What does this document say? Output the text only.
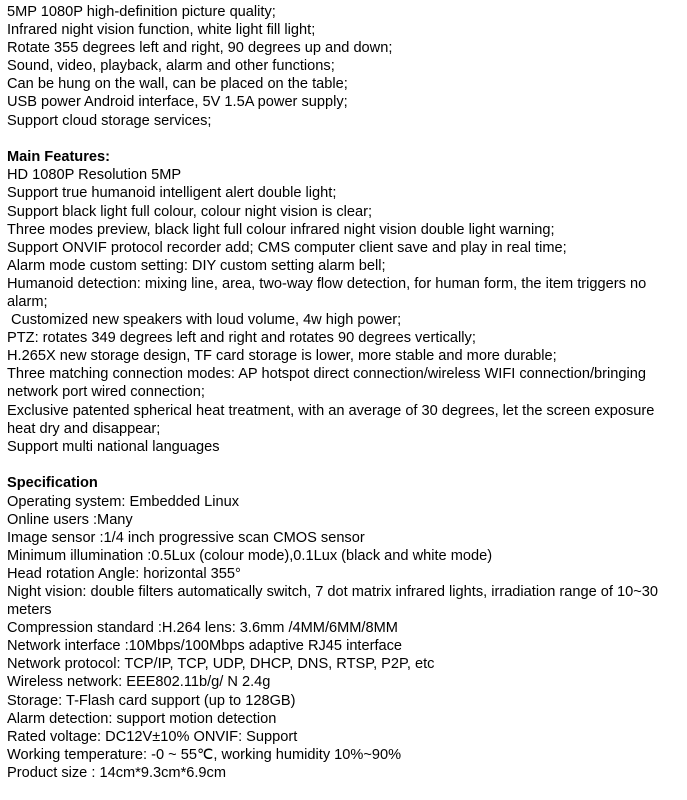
5MP 1080P high-definition picture quality;

Infrared night vision function, white light fill light;

Rotate 355 degrees left and right, 90 degrees up and down;

Sound, video, playback, alarm and other functions;

Can be hung on the wall, can be placed on the table;

USB power Android interface, 5V 1.5A power supply;

Support cloud storage services;

Main Features:

HD 1080P Resolution 5MP

Support true humanoid intelligent alert double light;

Support black light full colour, colour night vision is clear;

Three modes preview, black light full colour infrared night vision double light warning;

Support ONVIF protocol recorder add; CMS computer client save and play in real time;

Alarm mode custom setting: DIY custom setting alarm bell;

Humanoid detection: mixing line, area, two-way flow detection, for human form, the item triggers no alarm;

Customized new speakers with loud volume, 4w high power;

PTZ: rotates 349 degrees left and right and rotates 90 degrees vertically;

H.265X new storage design, TF card storage is lower, more stable and more durable;

Three matching connection modes: AP hotspot direct connection/wireless WIFI connection/bringing network port wired connection;

Exclusive patented spherical heat treatment, with an average of 30 degrees, let the screen exposure heat dry and disappear;

Support multi national languages

Specification

Operating system: Embedded Linux

Online users :Many

Image sensor :1/4 inch progressive scan CMOS sensor

Minimum illumination :0.5Lux (colour mode),0.1Lux (black and white mode)

Head rotation Angle: horizontal 355°

Night vision: double filters automatically switch, 7 dot matrix infrared lights, irradiation range of 10~30 meters

Compression standard :H.264 lens: 3.6mm /4MM/6MM/8MM

Network interface :10Mbps/100Mbps adaptive RJ45 interface

Network protocol: TCP/IP, TCP, UDP, DHCP, DNS, RTSP, P2P, etc

Wireless network: EEE802.11b/g/ N 2.4g

Storage: T-Flash card support (up to 128GB)

Alarm detection: support motion detection

Rated voltage: DC12V±10% ONVIF: Support

Working temperature: -0 ~ 55℃, working humidity 10%~90%

Product size : 14cm*9.3cm*6.9cm
